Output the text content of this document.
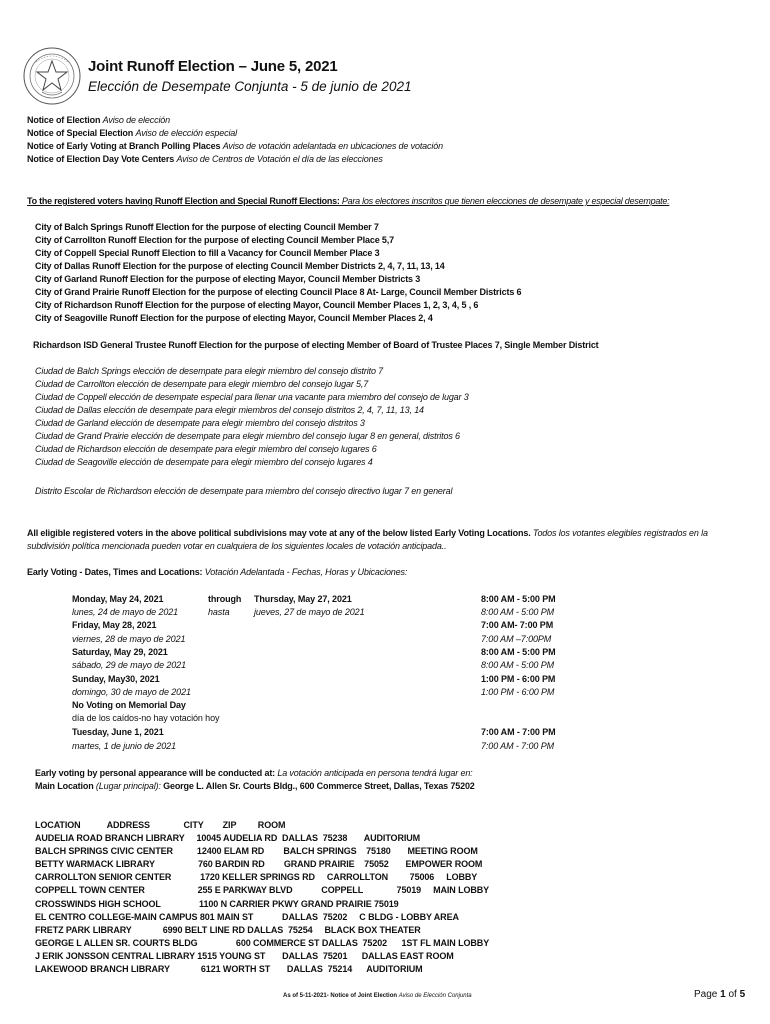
Joint Runoff Election – June 5, 2021
Elección de Desempate Conjunta - 5 de junio de 2021
Notice of Election Aviso de elección
Notice of Special Election Aviso de elección especial
Notice of Early Voting at Branch Polling Places Aviso de votación adelantada en ubicaciones de votación
Notice of Election Day Vote Centers Aviso de Centros de Votación el día de las elecciones
To the registered voters having Runoff Election and Special Runoff Elections: Para los electores inscritos que tienen elecciones de desempate y especial desempate:
City of Balch Springs Runoff Election for the purpose of electing Council Member 7
City of Carrollton Runoff Election for the purpose of electing Council Member Place 5,7
City of Coppell Special Runoff Election to fill a Vacancy for Council Member Place 3
City of Dallas Runoff Election for the purpose of electing Council Member Districts 2, 4, 7, 11, 13, 14
City of Garland Runoff Election for the purpose of electing Mayor, Council Member Districts 3
City of Grand Prairie Runoff Election for the purpose of electing Council Place 8 At- Large, Council Member Districts 6
City of Richardson Runoff Election for the purpose of electing Mayor, Council Member Places 1, 2, 3, 4, 5 , 6
City of Seagoville Runoff Election for the purpose of electing Mayor, Council Member Places 2, 4
Richardson ISD General Trustee Runoff Election for the purpose of electing Member of Board of Trustee Places 7, Single Member District
Ciudad de Balch Springs elección de desempate para elegir miembro del consejo distrito 7
Ciudad de Carrollton elección de desempate para elegir miembro del consejo lugar 5,7
Ciudad de Coppell elección de desempate especial para llenar una vacante para miembro del consejo de lugar 3
Ciudad de Dallas elección de desempate para elegir miembros del consejo distritos 2, 4, 7, 11, 13, 14
Ciudad de Garland elección de desempate para elegir miembro del consejo distritos 3
Ciudad de Grand Prairie elección de desempate para elegir miembro del consejo lugar 8 en general, distritos 6
Ciudad de Richardson elección de desempate para elegir miembro del consejo lugares 6
Ciudad de Seagoville elección de desempate para elegir miembro del consejo lugares 4
Distrito Escolar de Richardson elección de desempate para miembro del consejo directivo lugar 7 en general
All eligible registered voters in the above political subdivisions may vote at any of the below listed Early Voting Locations. Todos los votantes elegibles registrados en la subdivisión política mencionada pueden votar en cualquiera de los siguientes locales de votación anticipada..
Early Voting - Dates, Times and Locations: Votación Adelantada - Fechas, Horas y Ubicaciones:
Monday, May 24, 2021
lunes, 24 de mayo de 2021
through
hasta
Thursday, May 27, 2021
jueves, 27 de mayo de 2021
8:00 AM - 5:00 PM
8:00 AM - 5:00 PM
Friday, May 28, 2021
viernes, 28 de mayo de 2021
7:00 AM- 7:00 PM
7:00 AM –7:00PM
Saturday, May 29, 2021
sábado, 29 de mayo de 2021
8:00 AM - 5:00 PM
8:00 AM - 5:00 PM
Sunday, May30, 2021
domingo, 30 de mayo de 2021
1:00 PM - 6:00 PM
1:00 PM - 6:00 PM
No Voting on Memorial Day
día de los caídos-no hay votación hoy
Tuesday, June 1, 2021
martes, 1 de junio de 2021
7:00 AM - 7:00 PM
7:00 AM - 7:00 PM
Early voting by personal appearance will be conducted at: La votación anticipada en persona tendrá lugar en:
Main Location (Lugar principal): George L. Allen Sr. Courts Bldg., 600 Commerce Street, Dallas, Texas 75202
LOCATION           ADDRESS              CITY        ZIP         ROOM
AUDELIA ROAD BRANCH LIBRARY     10045 AUDELIA RD  DALLAS  75238       AUDITORIUM
BALCH SPRINGS CIVIC CENTER          12400 ELAM RD        BALCH SPRINGS    75180       MEETING ROOM
BETTY WARMACK LIBRARY                  760 BARDIN RD        GRAND PRAIRIE    75052       EMPOWER ROOM
CARROLLTON SENIOR CENTER            1720 KELLER SPRINGS RD     CARROLLTON         75006     LOBBY
COPPELL TOWN CENTER                      255 E PARKWAY BLVD            COPPELL              75019     MAIN LOBBY
CROSSWINDS HIGH SCHOOL                1100 N CARRIER PKWY GRAND PRAIRIE 75019
EL CENTRO COLLEGE-MAIN CAMPUS 801 MAIN ST            DALLAS  75202     C BLDG - LOBBY AREA
FRETZ PARK LIBRARY             6990 BELT LINE RD DALLAS  75254     BLACK BOX THEATER
GEORGE L ALLEN SR. COURTS BLDG                600 COMMERCE ST DALLAS  75202      1ST FL MAIN LOBBY
J ERIK JONSSON CENTRAL LIBRARY 1515 YOUNG ST       DALLAS  75201      DALLAS EAST ROOM
LAKEWOOD BRANCH LIBRARY             6121 WORTH ST       DALLAS  75214      AUDITORIUM
As of 5-11-2021- Notice of Joint Election Aviso de Elección Conjunta	Page 1 of 5
